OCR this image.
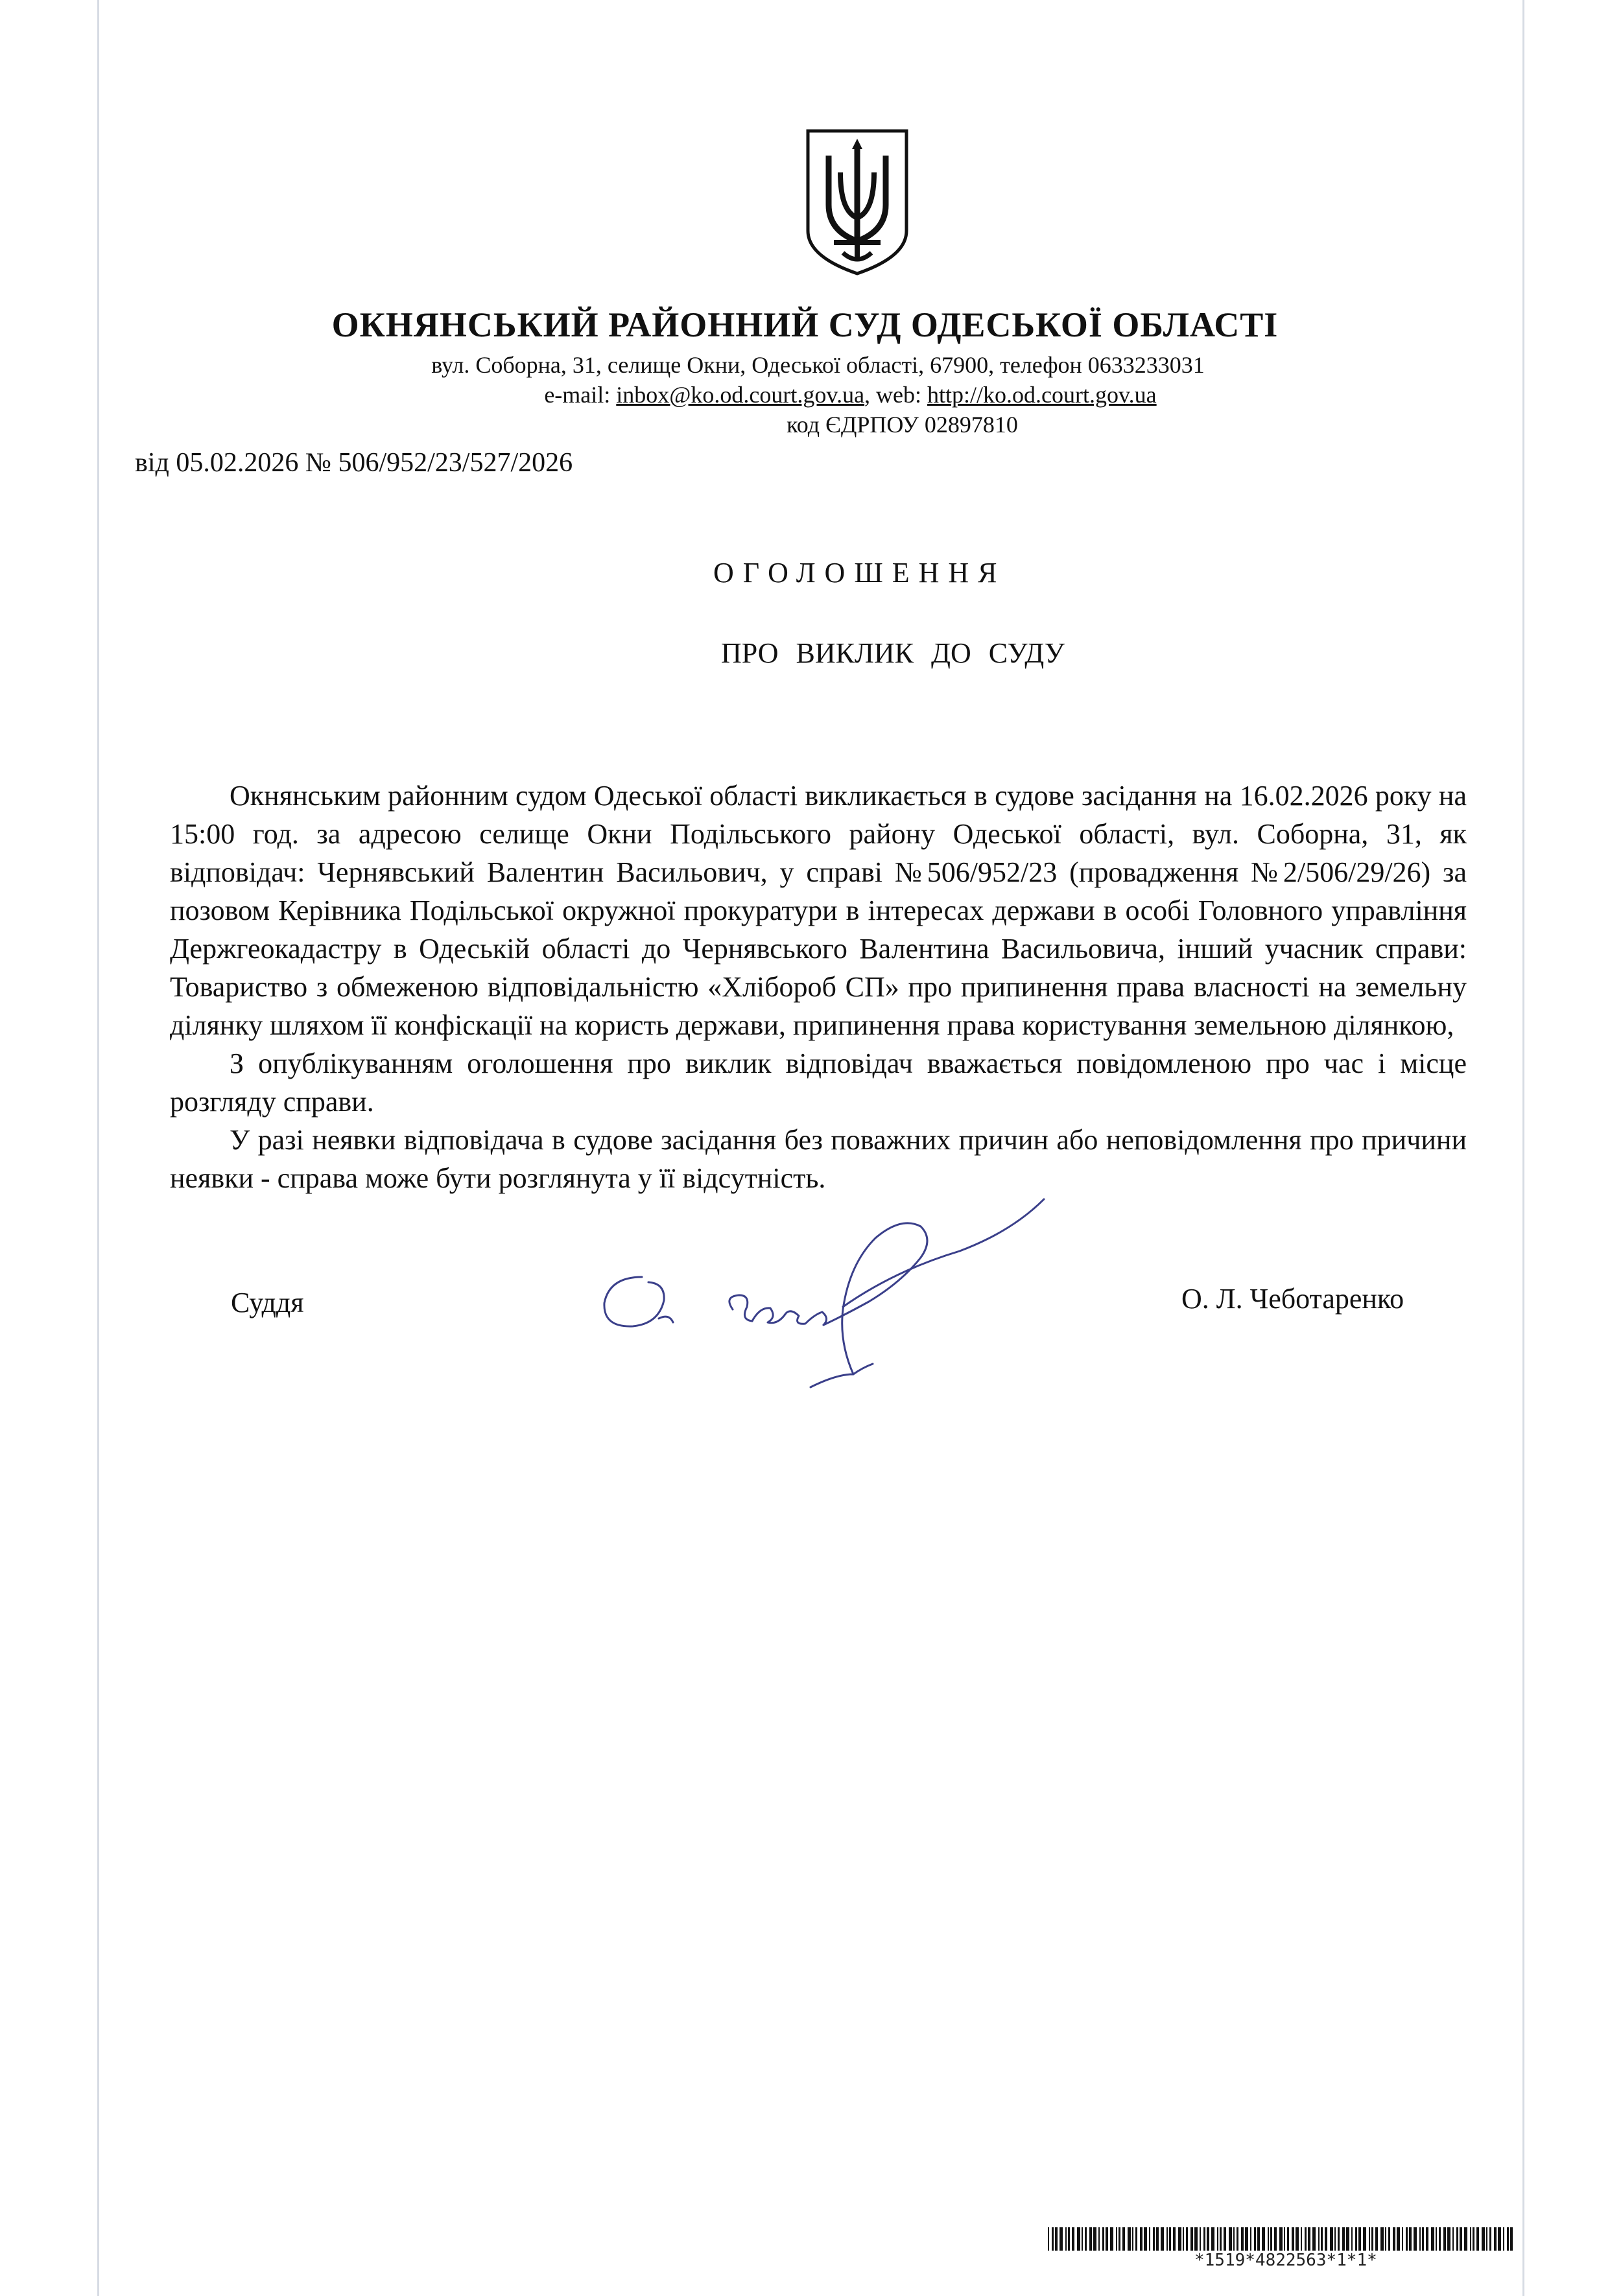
ОКНЯНСЬКИЙ РАЙОННИЙ СУД ОДЕСЬКОЇ ОБЛАСТІ
вул. Соборна, 31, селище Окни, Одеської області, 67900, телефон 0633233031
e-mail: inbox@ko.od.court.gov.ua, web: http://ko.od.court.gov.ua
код ЄДРПОУ 02897810
від 05.02.2026 № 506/952/23/527/2026
ОГОЛОШЕННЯ
ПРО ВИКЛИК ДО СУДУ

Окнянським районним судом Одеської області викликається в судове засідання на 16.02.2026 року на 15:00 год. за адресою селище Окни Подільського району Одеської області, вул. Соборна, 31, як відповідач: Чернявський Валентин Васильович, у справі №506/952/23 (провадження №2/506/29/26) за позовом Керівника Подільської окружної прокуратури в інтересах держави в особі Головного управління Держгеокадастру в Одеській області до Чернявського Валентина Васильовича, інший учасник справи: Товариство з обмеженою відповідальністю «Хлібороб СП» про припинення права власності на земельну ділянку шляхом її конфіскації на користь держави, припинення права користування земельною ділянкою,

З опублікуванням оголошення про виклик відповідач вважається повідомленою про час і місце розгляду справи.

У разі неявки відповідача в судове засідання без поважних причин або неповідомлення про причини неявки - справа може бути розглянута у її відсутність.

Суддя	О. Л. Чеботаренко
*1519*4822563*1*1*
